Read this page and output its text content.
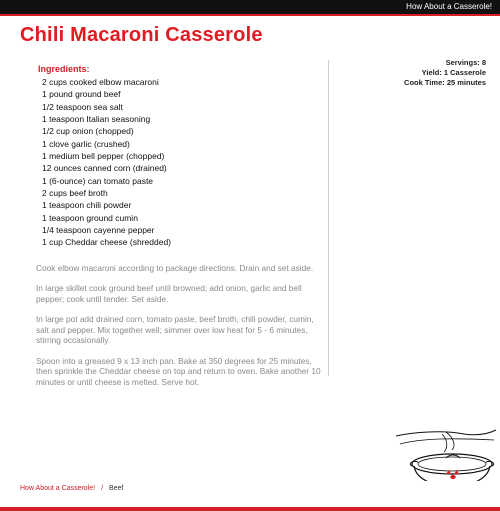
How About a Casserole!
Chili Macaroni Casserole
Servings: 8
Yield: 1 Casserole
Cook Time: 25 minutes
Ingredients:
2 cups cooked elbow macaroni
1 pound ground beef
1/2 teaspoon sea salt
1 teaspoon Italian seasoning
1/2 cup onion (chopped)
1 clove garlic (crushed)
1 medium bell pepper (chopped)
12 ounces canned corn (drained)
1 (6-ounce) can tomato paste
2 cups beef broth
1 teaspoon chili powder
1 teaspoon ground cumin
1/4 teaspoon cayenne pepper
1 cup Cheddar cheese (shredded)

Cook elbow macaroni according to package directions. Drain and set aside.

In large skillet cook ground beef until browned; add onion, garlic and bell pepper; cook until tender. Set aside.

In large pot add drained corn, tomato paste, beef broth, chili powder, cumin, salt and pepper. Mix together well; simmer over low heat for 5 - 6 minutes, stirring occasionally.

Spoon into a greased 9 x 13 inch pan. Bake at 350 degrees for 25 minutes, then sprinkle the Cheddar cheese on top and return to oven. Bake another 10 minutes or until cheese is melted. Serve hot.

How About a Casserole! / Beef
